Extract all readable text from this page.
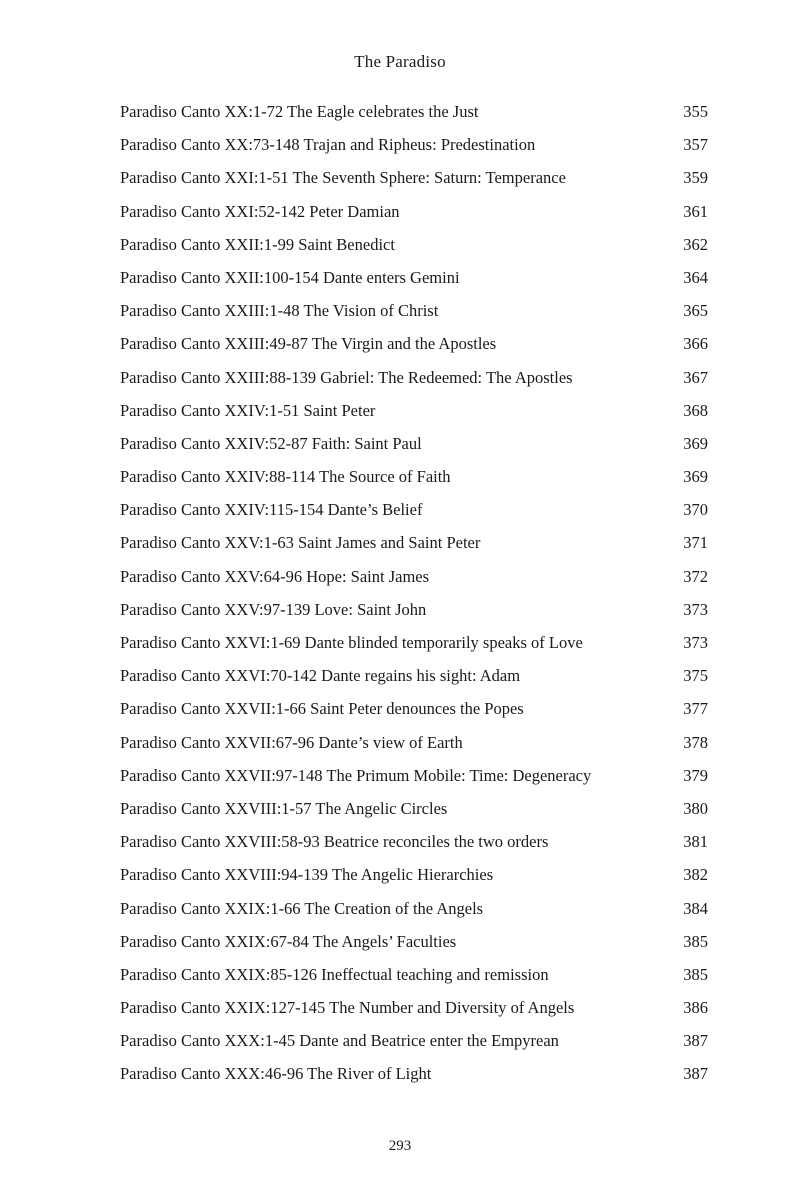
The Paradiso
Paradiso Canto XX:1-72 The Eagle celebrates the Just	355
Paradiso Canto XX:73-148 Trajan and Ripheus: Predestination	357
Paradiso Canto XXI:1-51 The Seventh Sphere: Saturn: Temperance	359
Paradiso Canto XXI:52-142 Peter Damian	361
Paradiso Canto XXII:1-99 Saint Benedict	362
Paradiso Canto XXII:100-154 Dante enters Gemini	364
Paradiso Canto XXIII:1-48 The Vision of Christ	365
Paradiso Canto XXIII:49-87 The Virgin and the Apostles	366
Paradiso Canto XXIII:88-139 Gabriel: The Redeemed: The Apostles	367
Paradiso Canto XXIV:1-51 Saint Peter	368
Paradiso Canto XXIV:52-87 Faith: Saint Paul	369
Paradiso Canto XXIV:88-114 The Source of Faith	369
Paradiso Canto XXIV:115-154 Dante’s Belief	370
Paradiso Canto XXV:1-63 Saint James and Saint Peter	371
Paradiso Canto XXV:64-96 Hope: Saint James	372
Paradiso Canto XXV:97-139 Love: Saint John	373
Paradiso Canto XXVI:1-69 Dante blinded temporarily speaks of Love	373
Paradiso Canto XXVI:70-142 Dante regains his sight: Adam	375
Paradiso Canto XXVII:1-66 Saint Peter denounces the Popes	377
Paradiso Canto XXVII:67-96 Dante’s view of Earth	378
Paradiso Canto XXVII:97-148 The Primum Mobile: Time: Degeneracy	379
Paradiso Canto XXVIII:1-57 The Angelic Circles	380
Paradiso Canto XXVIII:58-93 Beatrice reconciles the two orders	381
Paradiso Canto XXVIII:94-139 The Angelic Hierarchies	382
Paradiso Canto XXIX:1-66 The Creation of the Angels	384
Paradiso Canto XXIX:67-84 The Angels’ Faculties	385
Paradiso Canto XXIX:85-126 Ineffectual teaching and remission	385
Paradiso Canto XXIX:127-145 The Number and Diversity of Angels	386
Paradiso Canto XXX:1-45 Dante and Beatrice enter the Empyrean	387
Paradiso Canto XXX:46-96 The River of Light	387
293
